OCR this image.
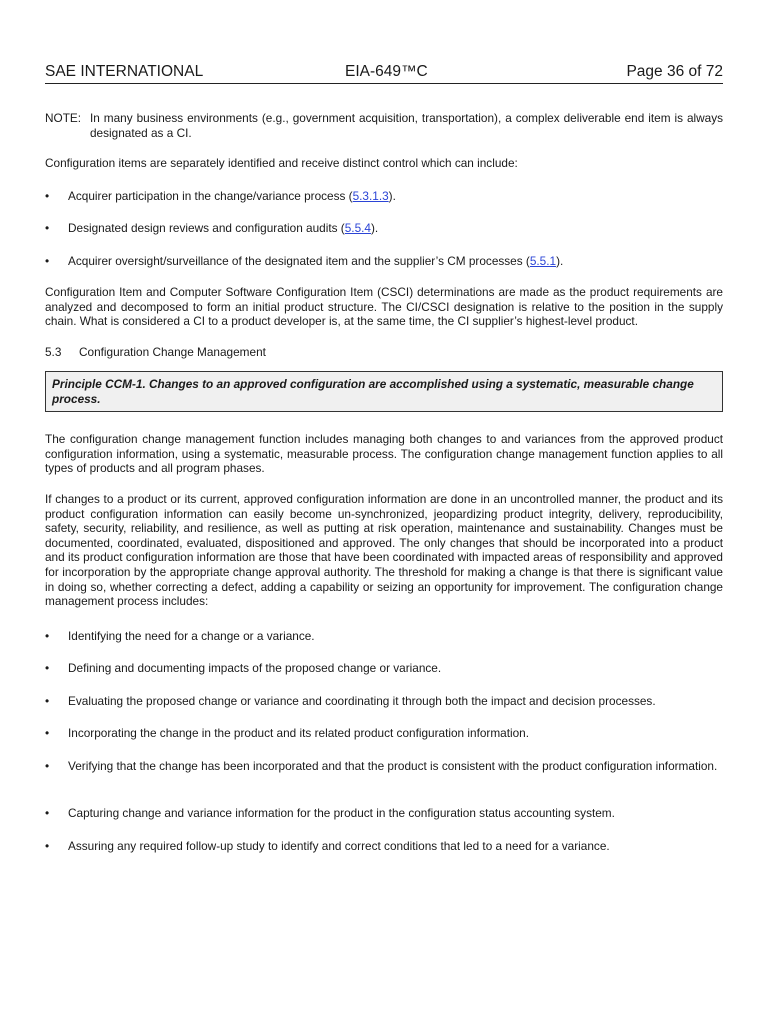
SAE INTERNATIONAL	EIA-649™C	Page 36 of 72
NOTE: In many business environments (e.g., government acquisition, transportation), a complex deliverable end item is always designated as a CI.
Configuration items are separately identified and receive distinct control which can include:
• Acquirer participation in the change/variance process (5.3.1.3).
• Designated design reviews and configuration audits (5.5.4).
• Acquirer oversight/surveillance of the designated item and the supplier’s CM processes (5.5.1).
Configuration Item and Computer Software Configuration Item (CSCI) determinations are made as the product requirements are analyzed and decomposed to form an initial product structure. The CI/CSCI designation is relative to the position in the supply chain. What is considered a CI to a product developer is, at the same time, the CI supplier’s highest-level product.
5.3 Configuration Change Management
Principle CCM-1. Changes to an approved configuration are accomplished using a systematic, measurable change process.
The configuration change management function includes managing both changes to and variances from the approved product configuration information, using a systematic, measurable process. The configuration change management function applies to all types of products and all program phases.
If changes to a product or its current, approved configuration information are done in an uncontrolled manner, the product and its product configuration information can easily become un-synchronized, jeopardizing product integrity, delivery, reproducibility, safety, security, reliability, and resilience, as well as putting at risk operation, maintenance and sustainability. Changes must be documented, coordinated, evaluated, dispositioned and approved. The only changes that should be incorporated into a product and its product configuration information are those that have been coordinated with impacted areas of responsibility and approved for incorporation by the appropriate change approval authority. The threshold for making a change is that there is significant value in doing so, whether correcting a defect, adding a capability or seizing an opportunity for improvement. The configuration change management process includes:
• Identifying the need for a change or a variance.
• Defining and documenting impacts of the proposed change or variance.
• Evaluating the proposed change or variance and coordinating it through both the impact and decision processes.
• Incorporating the change in the product and its related product configuration information.
• Verifying that the change has been incorporated and that the product is consistent with the product configuration information.
• Capturing change and variance information for the product in the configuration status accounting system.
• Assuring any required follow-up study to identify and correct conditions that led to a need for a variance.
